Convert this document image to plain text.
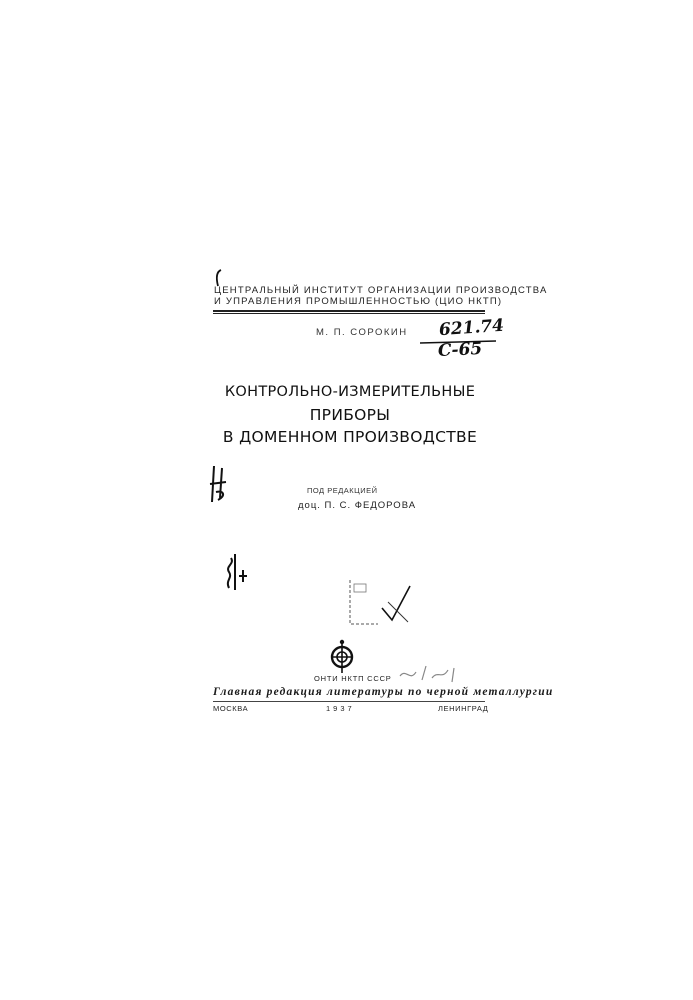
ЦЕНТРАЛЬНЫЙ ИНСТИТУТ ОРГАНИЗАЦИИ ПРОИЗВОДСТВА
И УПРАВЛЕНИЯ ПРОМЫШЛЕННОСТЬЮ (ЦИО НКТП)
М. П. СОРОКИН 621.74
С-65
КОНТРОЛЬНО-ИЗМЕРИТЕЛЬНЫЕ
ПРИБОРЫ
В ДОМЕННОМ ПРОИЗВОДСТВЕ
ПОД РЕДАКЦИЕЙ
доц. П. С. ФЕДОРОВА
ОНТИ НКТП СССР
Главная редакция литературы по черной металлургии
МОСКВА	1937	ЛЕНИНГРАД
